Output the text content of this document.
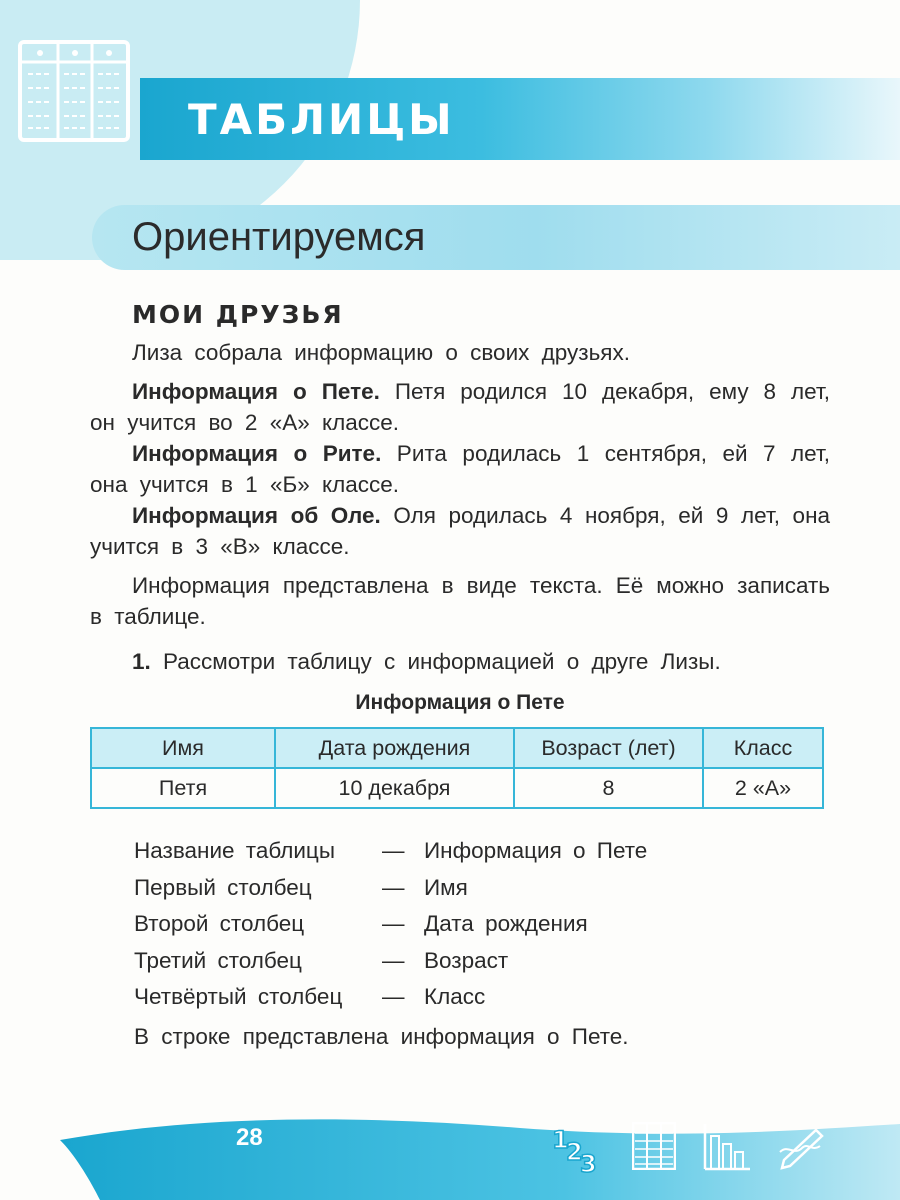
ТАБЛИЦЫ
Ориентируемся
МОИ ДРУЗЬЯ

Лиза собрала информацию о своих друзьях.

Информация о Пете. Петя родился 10 декабря, ему 8 лет, он учится во 2 «А» классе.

Информация о Рите. Рита родилась 1 сентября, ей 7 лет, она учится в 1 «Б» классе.

Информация об Оле. Оля родилась 4 ноября, ей 9 лет, она учится в 3 «В» классе.

Информация представлена в виде текста. Её можно записать в таблице.

1. Рассмотри таблицу с информацией о друге Лизы.

Информация о Пете
Имя	Дата рождения	Возраст (лет)	Класс
Петя	10 декабря	8	2 «А»
Название таблицы	— Информация о Пете
Первый столбец	— Имя
Второй столбец	— Дата рождения
Третий столбец	— Возраст
Четвёртый столбец	— Класс

В строке представлена информация о Пете.

28	1
2
3
